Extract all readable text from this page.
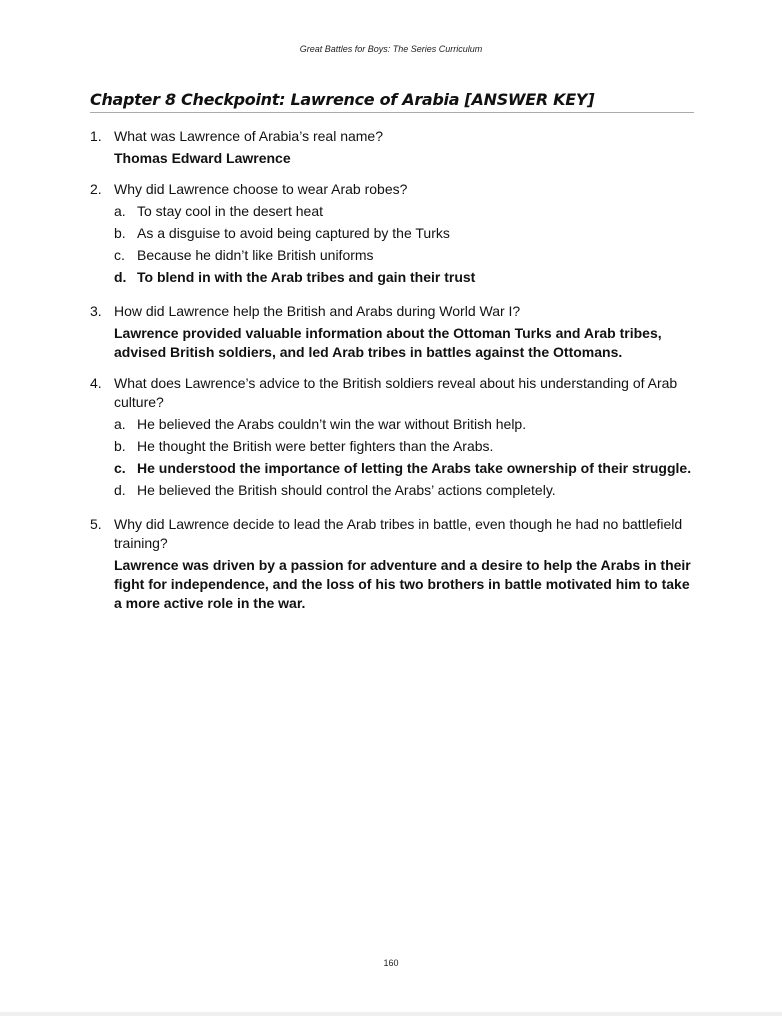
Great Battles for Boys: The Series Curriculum
Chapter 8 Checkpoint: Lawrence of Arabia [ANSWER KEY]
1. What was Lawrence of Arabia’s real name?

Thomas Edward Lawrence
2. Why did Lawrence choose to wear Arab robes?

a. To stay cool in the desert heat
b. As a disguise to avoid being captured by the Turks
c. Because he didn’t like British uniforms
d. To blend in with the Arab tribes and gain their trust
3. How did Lawrence help the British and Arabs during World War I?

Lawrence provided valuable information about the Ottoman Turks and Arab tribes, advised British soldiers, and led Arab tribes in battles against the Ottomans.
4. What does Lawrence’s advice to the British soldiers reveal about his understanding of Arab culture?

a. He believed the Arabs couldn’t win the war without British help.
b. He thought the British were better fighters than the Arabs.
c. He understood the importance of letting the Arabs take ownership of their struggle.
d. He believed the British should control the Arabs’ actions completely.
5. Why did Lawrence decide to lead the Arab tribes in battle, even though he had no battlefield training?

Lawrence was driven by a passion for adventure and a desire to help the Arabs in their fight for independence, and the loss of his two brothers in battle motivated him to take a more active role in the war.
160
